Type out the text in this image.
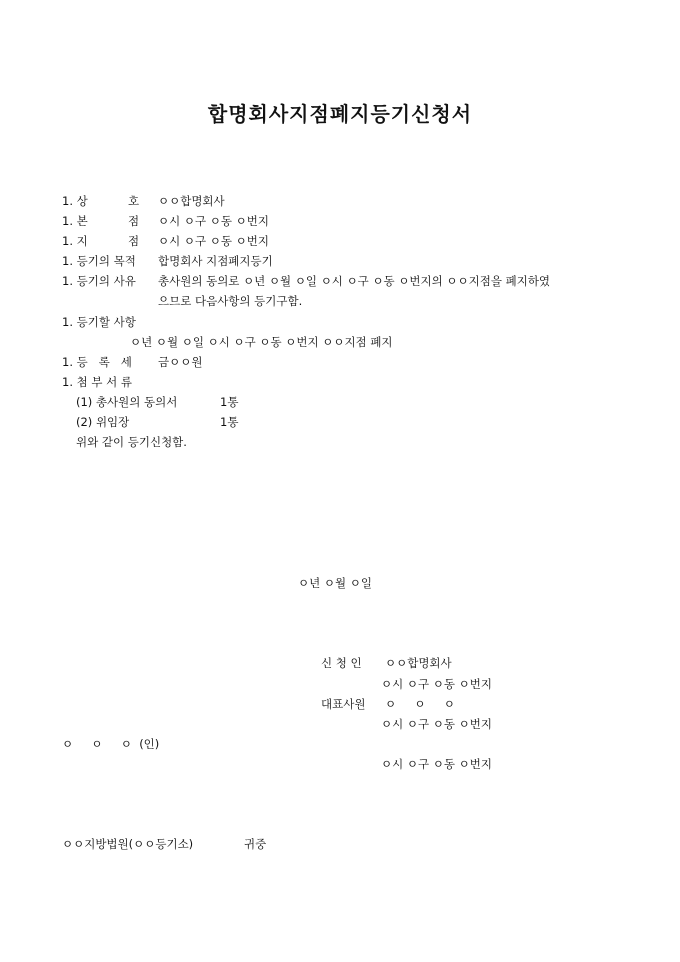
합명회사지점폐지등기신청서
1. 상           호 ㅇㅇ합명회사
1. 본           점 ㅇ시 ㅇ구 ㅇ동 ㅇ번지
1. 지           점 ㅇ시 ㅇ구 ㅇ동 ㅇ번지
1. 등기의 목적 합명회사 지점폐지등기
1. 등기의 사유 총사원의 동의로 ㅇ년 ㅇ월 ㅇ일 ㅇ시 ㅇ구 ㅇ동 ㅇ번지의 ㅇㅇ지점을 폐지하였
으므로 다음사항의 등기구함.
1. 등기할 사항
ㅇ년 ㅇ월 ㅇ일 ㅇ시 ㅇ구 ㅇ동 ㅇ번지 ㅇㅇ지점 폐지
1. 등   록   세 금ㅇㅇ원
1. 첨 부 서 류
(1) 총사원의 동의서	1통
(2) 위임장	1통
위와 같이 등기신청함.
ㅇ년 ㅇ월 ㅇ일
신 청 인 ㅇㅇ합명회사
ㅇ시 ㅇ구 ㅇ동 ㅇ번지
대표사원 ㅇ     ㅇ     ㅇ
ㅇ시 ㅇ구 ㅇ동 ㅇ번지
ㅇ     ㅇ     ㅇ  (인)
ㅇ시 ㅇ구 ㅇ동 ㅇ번지
ㅇㅇ지방법원(ㅇㅇ등기소)	귀중
